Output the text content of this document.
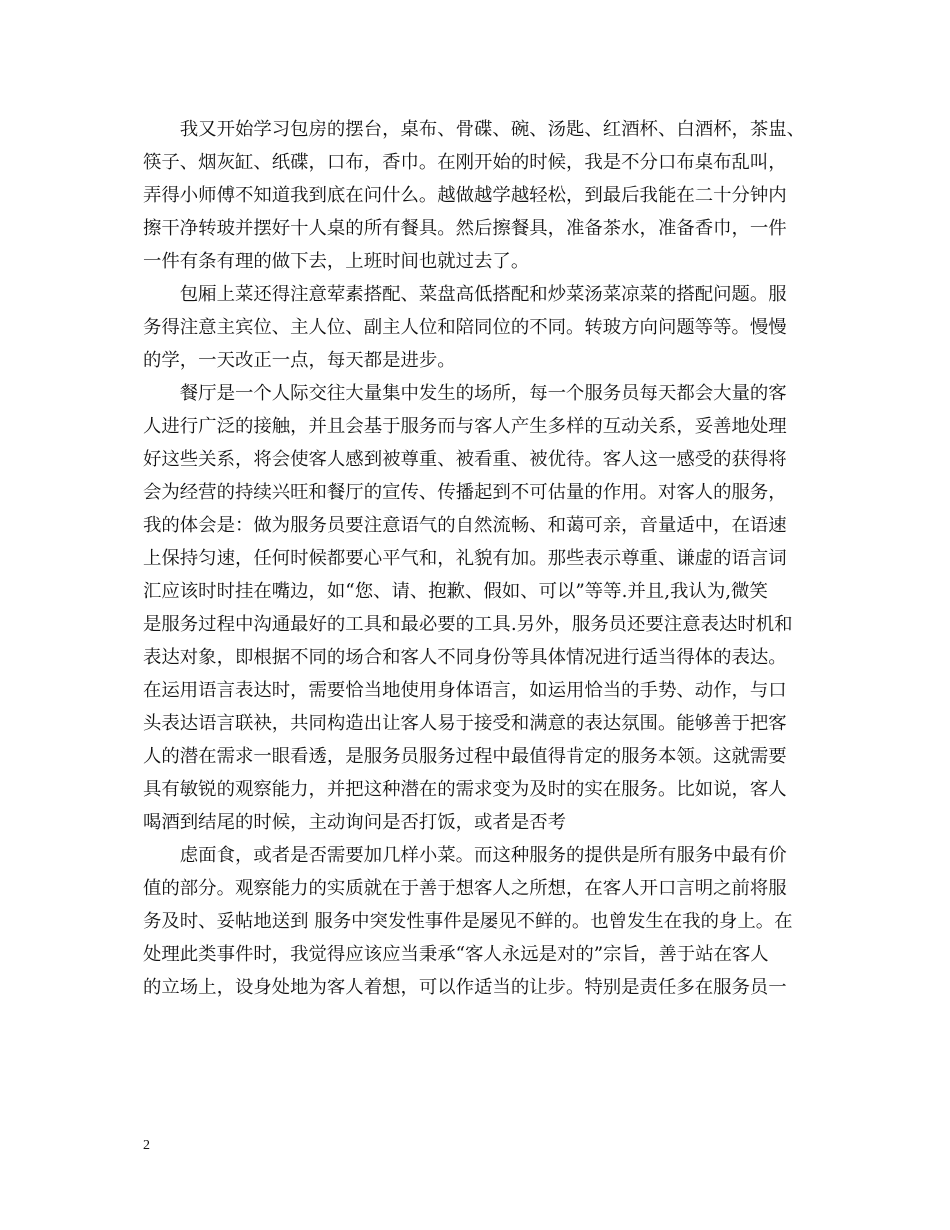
　　我又开始学习包房的摆台，桌布、骨碟、碗、汤匙、红酒杯、白酒杯，茶盅、
筷子、烟灰缸、纸碟，口布，香巾。在刚开始的时候，我是不分口布桌布乱叫，
弄得小师傅不知道我到底在问什么。越做越学越轻松，到最后我能在二十分钟内
擦干净转玻并摆好十人桌的所有餐具。然后擦餐具，准备茶水，准备香巾，一件
一件有条有理的做下去，上班时间也就过去了。
　　包厢上菜还得注意荤素搭配、菜盘高低搭配和炒菜汤菜凉菜的搭配问题。服
务得注意主宾位、主人位、副主人位和陪同位的不同。转玻方向问题等等。慢慢
的学，一天改正一点，每天都是进步。
　　餐厅是一个人际交往大量集中发生的场所，每一个服务员每天都会大量的客
人进行广泛的接触，并且会基于服务而与客人产生多样的互动关系，妥善地处理
好这些关系，将会使客人感到被尊重、被看重、被优待。客人这一感受的获得将
会为经营的持续兴旺和餐厅的宣传、传播起到不可估量的作用。对客人的服务，
我的体会是：做为服务员要注意语气的自然流畅、和蔼可亲，音量适中，在语速
上保持匀速，任何时候都要心平气和，礼貌有加。那些表示尊重、谦虚的语言词
汇应该时时挂在嘴边，如“您、请、抱歉、假如、可以”等等.并且,我认为,微笑
是服务过程中沟通最好的工具和最必要的工具.另外，服务员还要注意表达时机和
表达对象，即根据不同的场合和客人不同身份等具体情况进行适当得体的表达。
在运用语言表达时，需要恰当地使用身体语言，如运用恰当的手势、动作，与口
头表达语言联袂，共同构造出让客人易于接受和满意的表达氛围。能够善于把客
人的潜在需求一眼看透，是服务员服务过程中最值得肯定的服务本领。这就需要
具有敏锐的观察能力，并把这种潜在的需求变为及时的实在服务。比如说，客人
喝酒到结尾的时候，主动询问是否打饭，或者是否考
　　虑面食，或者是否需要加几样小菜。而这种服务的提供是所有服务中最有价
值的部分。观察能力的实质就在于善于想客人之所想，在客人开口言明之前将服
务及时、妥帖地送到 服务中突发性事件是屡见不鲜的。也曾发生在我的身上。在
处理此类事件时，我觉得应该应当秉承“客人永远是对的”宗旨，善于站在客人
的立场上，设身处地为客人着想，可以作适当的让步。特别是责任多在服务员一
2
